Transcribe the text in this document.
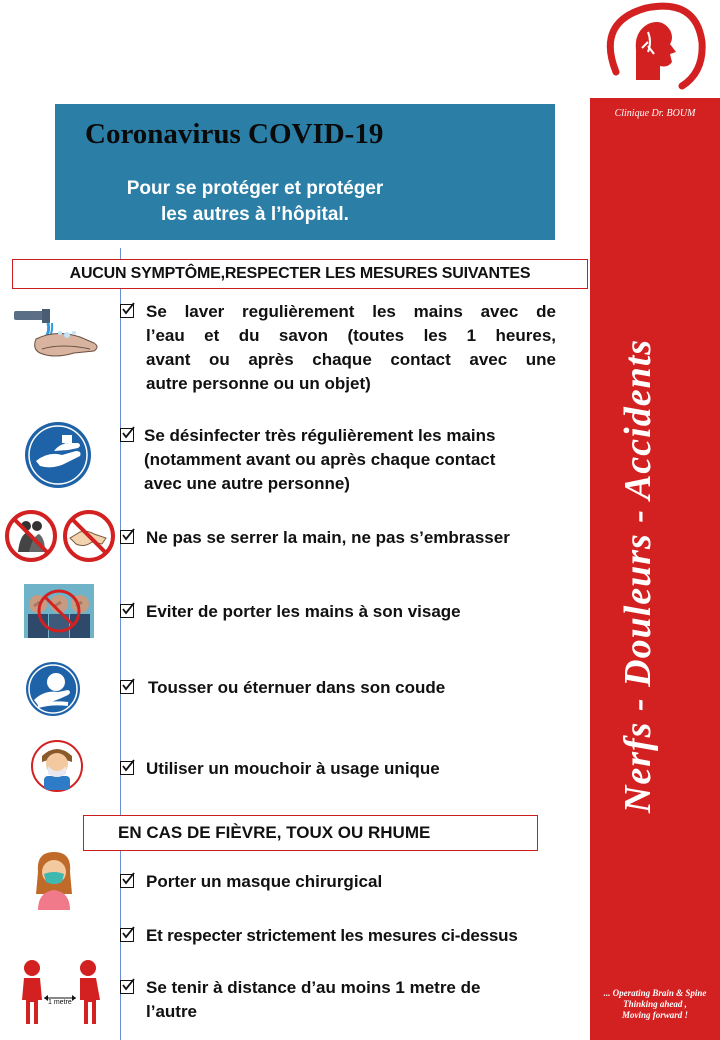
Coronavirus COVID-19
Pour se protéger et protéger
les autres à l’hôpital.
AUCUN SYMPTÔME,RESPECTER LES MESURES SUIVANTES
Se laver regulièrement les mains avec de
l’eau et du savon (toutes les 1 heures,
avant ou après chaque contact avec une
autre personne ou un objet)
Se désinfecter très régulièrement les mains
(notamment avant ou après chaque contact
avec une autre personne)
Ne pas se serrer la main, ne pas s’embrasser
Eviter de porter les mains à son visage
Tousser ou éternuer dans son coude
Utiliser un mouchoir à usage unique
EN CAS DE FIÈVRE, TOUX OU RHUME
Porter un masque chirurgical
Et respecter strictement les mesures ci-dessus
1 metre
Se tenir à distance d’au moins 1 metre de
l’autre
Clinique Dr. BOUM
Nerfs - Douleurs - Accidents
... Operating Brain & Spine
Thinking ahead ,
Moving forward !
